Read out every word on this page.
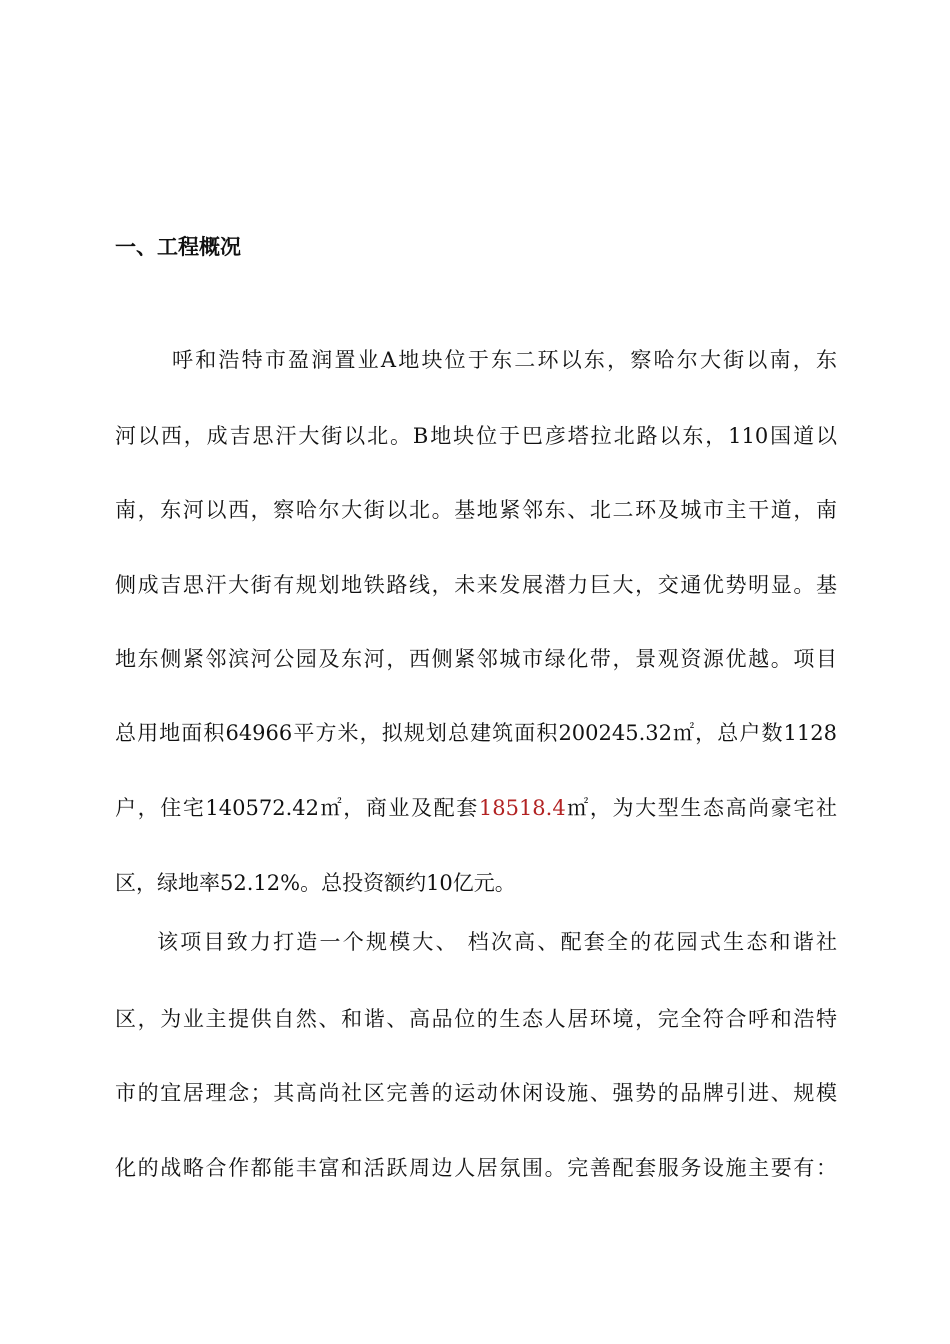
一、工程概况
呼和浩特市盈润置业A地块位于东二环以东，察哈尔大街以南，东
河以西，成吉思汗大街以北。B地块位于巴彦塔拉北路以东，110国道以
南，东河以西，察哈尔大街以北。基地紧邻东、北二环及城市主干道，南
侧成吉思汗大街有规划地铁路线，未来发展潜力巨大，交通优势明显。基
地东侧紧邻滨河公园及东河，西侧紧邻城市绿化带，景观资源优越。项目
总用地面积64966平方米，拟规划总建筑面积200245.32㎡，总户数1128
户，住宅140572.42㎡，商业及配套18518.4㎡，为大型生态高尚豪宅社
区，绿地率52.12%。总投资额约10亿元。
该项目致力打造一个规模大、 档次高、配套全的花园式生态和谐社
区，为业主提供自然、和谐、高品位的生态人居环境，完全符合呼和浩特
市的宜居理念；其高尚社区完善的运动休闲设施、强势的品牌引进、规模
化的战略合作都能丰富和活跃周边人居氛围。完善配套服务设施主要有：
